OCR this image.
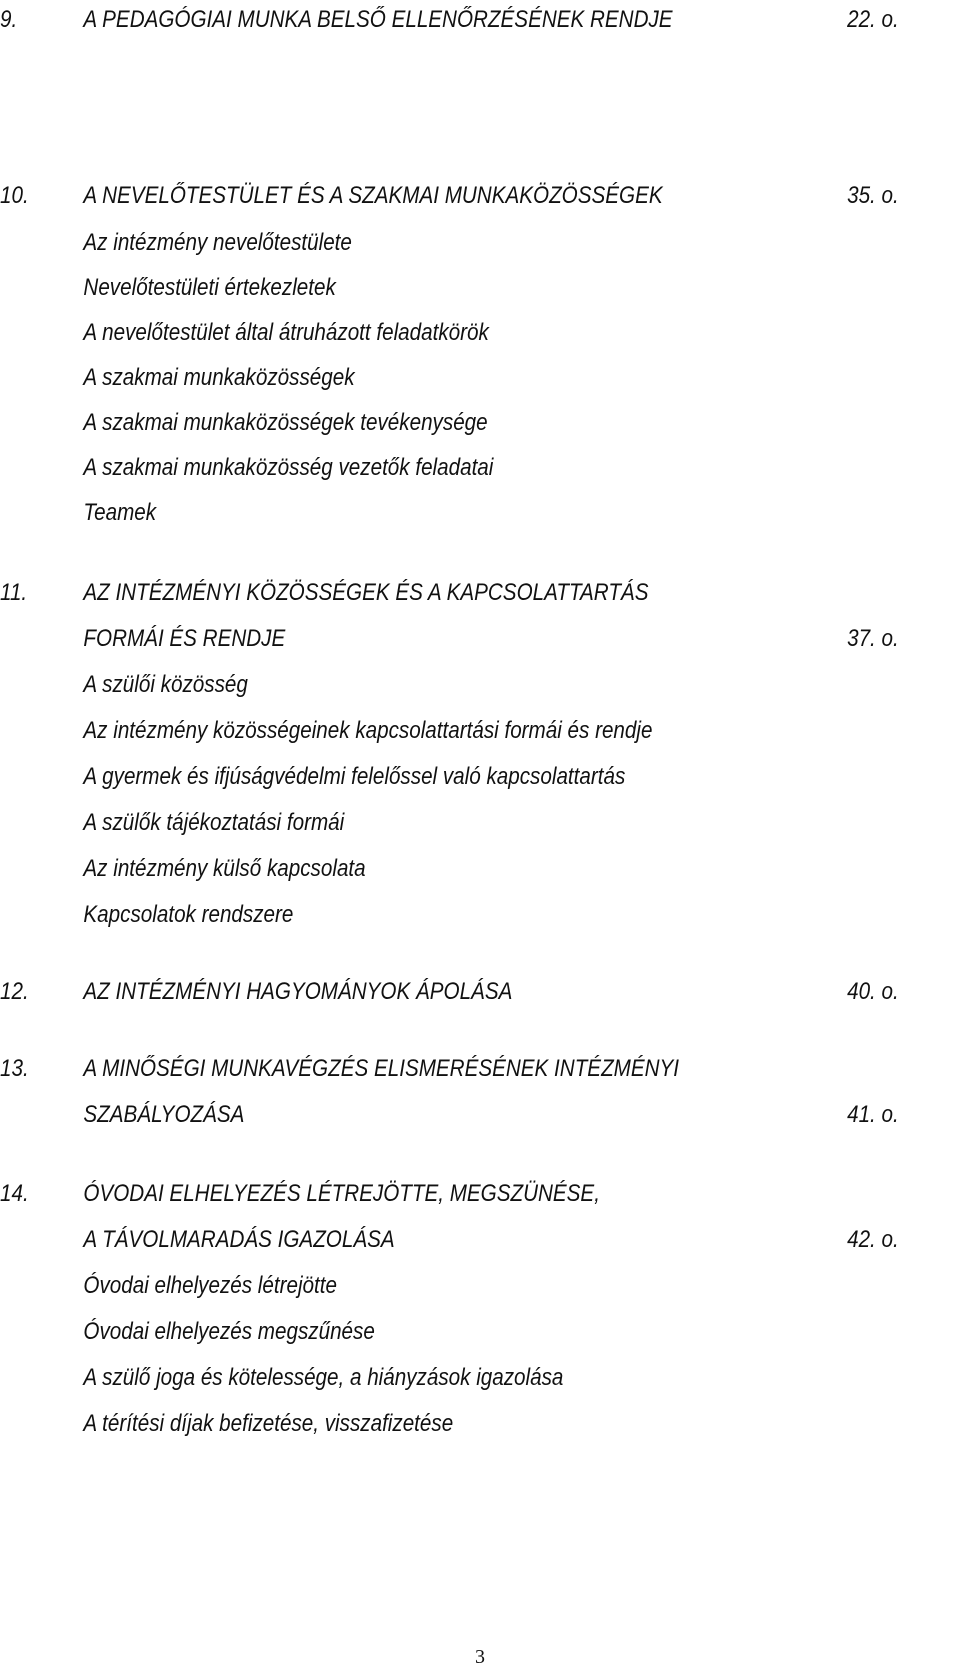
9.	A PEDAGÓGIAI MUNKA BELSŐ ELLENŐRZÉSÉNEK RENDJE	22. o.
10. A NEVELŐTESTÜLET ÉS A SZAKMAI MUNKAKÖZÖSSÉGEK	35. o.
Az intézmény nevelőtestülete
Nevelőtestületi értekezletek
A nevelőtestület által átruházott feladatkörök
A szakmai munkaközösségek
A szakmai munkaközösségek tevékenysége
A szakmai munkaközösség vezetők feladatai
Teamek
11. AZ INTÉZMÉNYI KÖZÖSSÉGEK ÉS A KAPCSOLATTARTÁS
FORMÁI ÉS RENDJE	37. o.
A szülői közösség
Az intézmény közösségeinek kapcsolattartási formái és rendje
A gyermek és ifjúságvédelmi felelőssel való kapcsolattartás
A szülők tájékoztatási formái
Az intézmény külső kapcsolata
Kapcsolatok rendszere
12. AZ INTÉZMÉNYI HAGYOMÁNYOK ÁPOLÁSA	40. o.
13. A MINŐSÉGI MUNKAVÉGZÉS ELISMERÉSÉNEK INTÉZMÉNYI
SZABÁLYOZÁSA	41. o.
14. ÓVODAI ELHELYEZÉS LÉTREJÖTTE, MEGSZÜNÉSE,
A TÁVOLMARADÁS IGAZOLÁSA	42. o.
Óvodai elhelyezés létrejötte
Óvodai elhelyezés megszűnése
A szülő joga és kötelessége, a hiányzások igazolása
A térítési díjak befizetése, visszafizetése
3
